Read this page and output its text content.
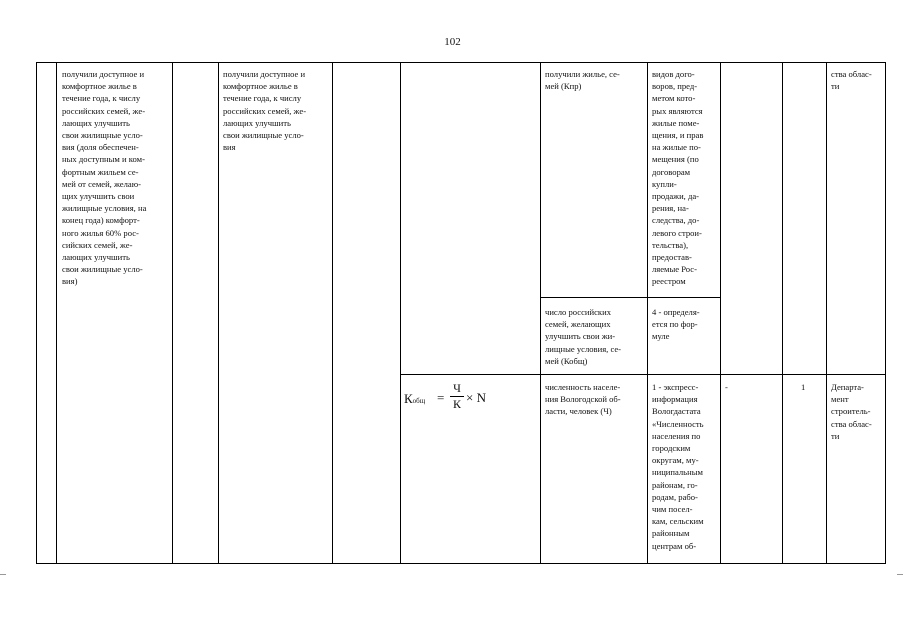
102
получили доступное и
комфортное жилье в
течение года, к числу
российских семей, же-
лающих улучшить
свои жилищные усло-
вия (доля обеспечен-
ных доступным и ком-
фортным жильем се-
мей от семей, желаю-
щих улучшить свои
жилищные условия, на
конец года) комфорт-
ного жилья 60% рос-
сийских семей, же-
лающих улучшить
свои жилищные усло-
вия)
получили доступное и
комфортное жилье в
течение года, к числу
российских семей, же-
лающих улучшить
свои жилищные усло-
вия
получили жилье, се-
мей (Кпр)
видов дого-
воров, пред-
метом кото-
рых являются
жилые поме-
щения, и прав
на жилые по-
мещения (по
договорам
купли-
продажи, да-
рения, на-
следства, до-
левого строи-
тельства),
предостав-
ляемые Рос-
реестром
ства облас-
ти
число российских
семей, желающих
улучшить свои жи-
лищные условия, се-
мей (Кобщ)
4 - определя-
ется по фор-
муле
Кобщ =
Ч
К × N
численность населе-
ния Вологодской об-
ласти, человек (Ч)
1 - экспресс-
информация
Вологдастата
«Численность
населения по
городским
округам, му-
ниципальным
районам, го-
родам, рабо-
чим посел-
кам, сельским
районным
центрам об-
-	1	Департа-
мент
строитель-
ства облас-
ти
